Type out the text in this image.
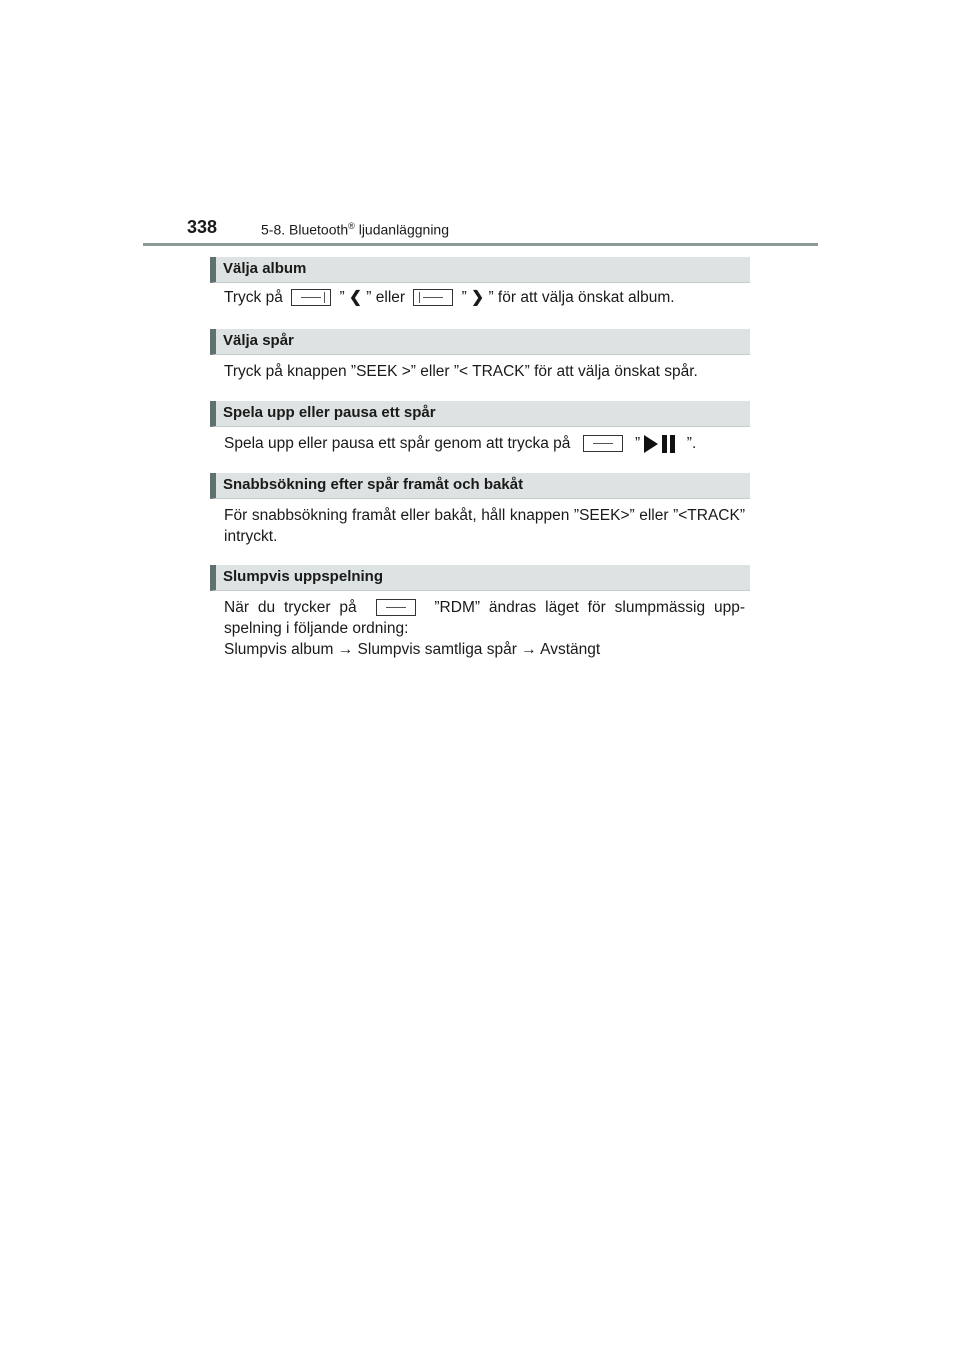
338	5-8. Bluetooth® ljudanläggning
Välja album
Tryck på	” ❮ ” eller	” ❯ ” för att välja önskat album.
Välja spår
Tryck på knappen ”SEEK >” eller ”< TRACK” för att välja önskat spår.
Spela upp eller pausa ett spår
Spela upp eller pausa ett spår genom att trycka på	”	”.
Snabbsökning efter spår framåt och bakåt
För snabbsökning framåt eller bakåt, håll knappen ”SEEK>” eller ”<TRACK” intryckt.
Slumpvis uppspelning
När du trycker på	”RDM” ändras läget för slumpmässig upp-spelning i följande ordning:
Slumpvis album → Slumpvis samtliga spår → Avstängt
